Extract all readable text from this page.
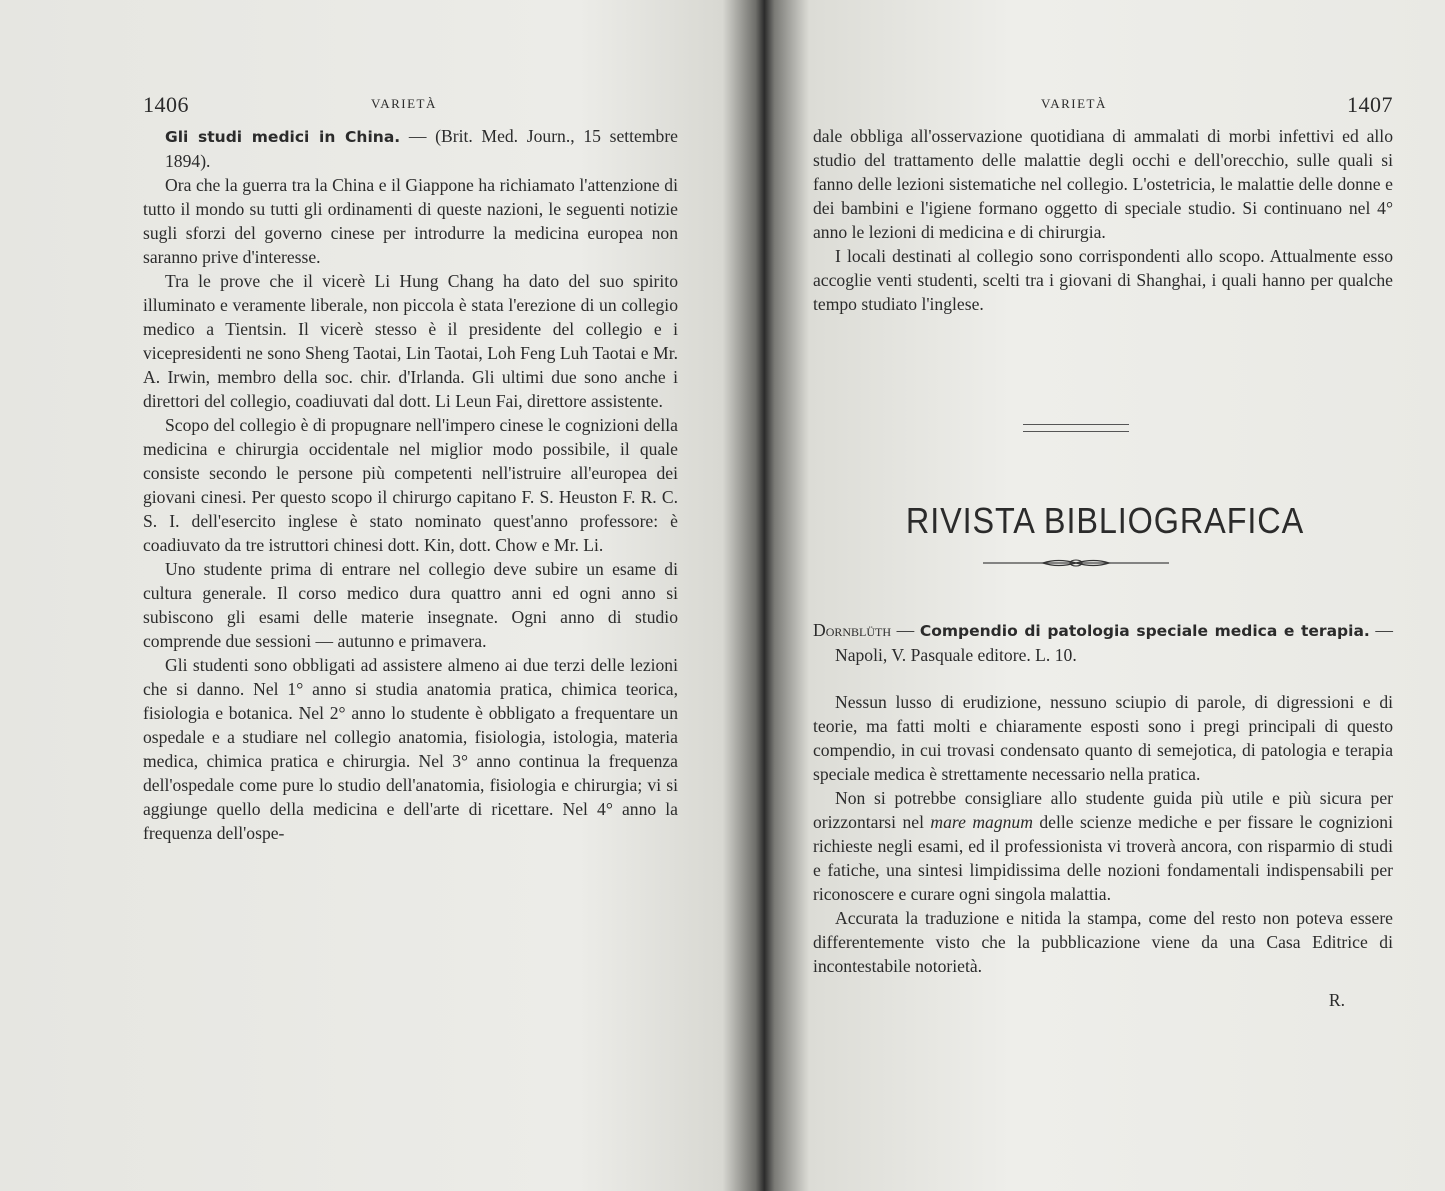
1406	VARIETÀ

Gli studi medici in China. — (Brit. Med. Journ., 15 settembre 1894).

Ora che la guerra tra la China e il Giappone ha richiamato l'attenzione di tutto il mondo su tutti gli ordinamenti di queste nazioni, le seguenti notizie sugli sforzi del governo cinese per introdurre la medicina europea non saranno prive d'interesse.

Tra le prove che il vicerè Li Hung Chang ha dato del suo spirito illuminato e veramente liberale, non piccola è stata l'erezione di un collegio medico a Tientsin. Il vicerè stesso è il presidente del collegio e i vicepresidenti ne sono Sheng Taotai, Lin Taotai, Loh Feng Luh Taotai e Mr. A. Irwin, membro della soc. chir. d'Irlanda. Gli ultimi due sono anche i direttori del collegio, coadiuvati dal dott. Li Leun Fai, direttore assistente.

Scopo del collegio è di propugnare nell'impero cinese le cognizioni della medicina e chirurgia occidentale nel miglior modo possibile, il quale consiste secondo le persone più competenti nell'istruire all'europea dei giovani cinesi. Per questo scopo il chirurgo capitano F. S. Heuston F. R. C. S. I. dell'esercito inglese è stato nominato quest'anno professore: è coadiuvato da tre istruttori chinesi dott. Kin, dott. Chow e Mr. Li.

Uno studente prima di entrare nel collegio deve subire un esame di cultura generale. Il corso medico dura quattro anni ed ogni anno si subiscono gli esami delle materie insegnate. Ogni anno di studio comprende due sessioni — autunno e primavera.

Gli studenti sono obbligati ad assistere almeno ai due terzi delle lezioni che si danno. Nel 1° anno si studia anatomia pratica, chimica teorica, fisiologia e botanica. Nel 2° anno lo studente è obbligato a frequentare un ospedale e a studiare nel collegio anatomia, fisiologia, istologia, materia medica, chimica pratica e chirurgia. Nel 3° anno continua la frequenza dell'ospedale come pure lo studio dell'anatomia, fisiologia e chirurgia; vi si aggiunge quello della medicina e dell'arte di ricettare. Nel 4° anno la frequenza dell'ospe-

VARIETÀ	1407

dale obbliga all'osservazione quotidiana di ammalati di morbi infettivi ed allo studio del trattamento delle malattie degli occhi e dell'orecchio, sulle quali si fanno delle lezioni sistematiche nel collegio. L'ostetricia, le malattie delle donne e dei bambini e l'igiene formano oggetto di speciale studio. Si continuano nel 4° anno le lezioni di medicina e di chirurgia.

I locali destinati al collegio sono corrispondenti allo scopo. Attualmente esso accoglie venti studenti, scelti tra i giovani di Shanghai, i quali hanno per qualche tempo studiato l'inglese.

RIVISTA BIBLIOGRAFICA

Dornblüth — Compendio di patologia speciale medica e terapia. — Napoli, V. Pasquale editore. L. 10.

Nessun lusso di erudizione, nessuno sciupio di parole, di digressioni e di teorie, ma fatti molti e chiaramente esposti sono i pregi principali di questo compendio, in cui trovasi condensato quanto di semejotica, di patologia e terapia speciale medica è strettamente necessario nella pratica.

Non si potrebbe consigliare allo studente guida più utile e più sicura per orizzontarsi nel mare magnum delle scienze mediche e per fissare le cognizioni richieste negli esami, ed il professionista vi troverà ancora, con risparmio di studi e fatiche, una sintesi limpidissima delle nozioni fondamentali indispensabili per riconoscere e curare ogni singola malattia.

Accurata la traduzione e nitida la stampa, come del resto non poteva essere differentemente visto che la pubblicazione viene da una Casa Editrice di incontestabile notorietà.

R.
